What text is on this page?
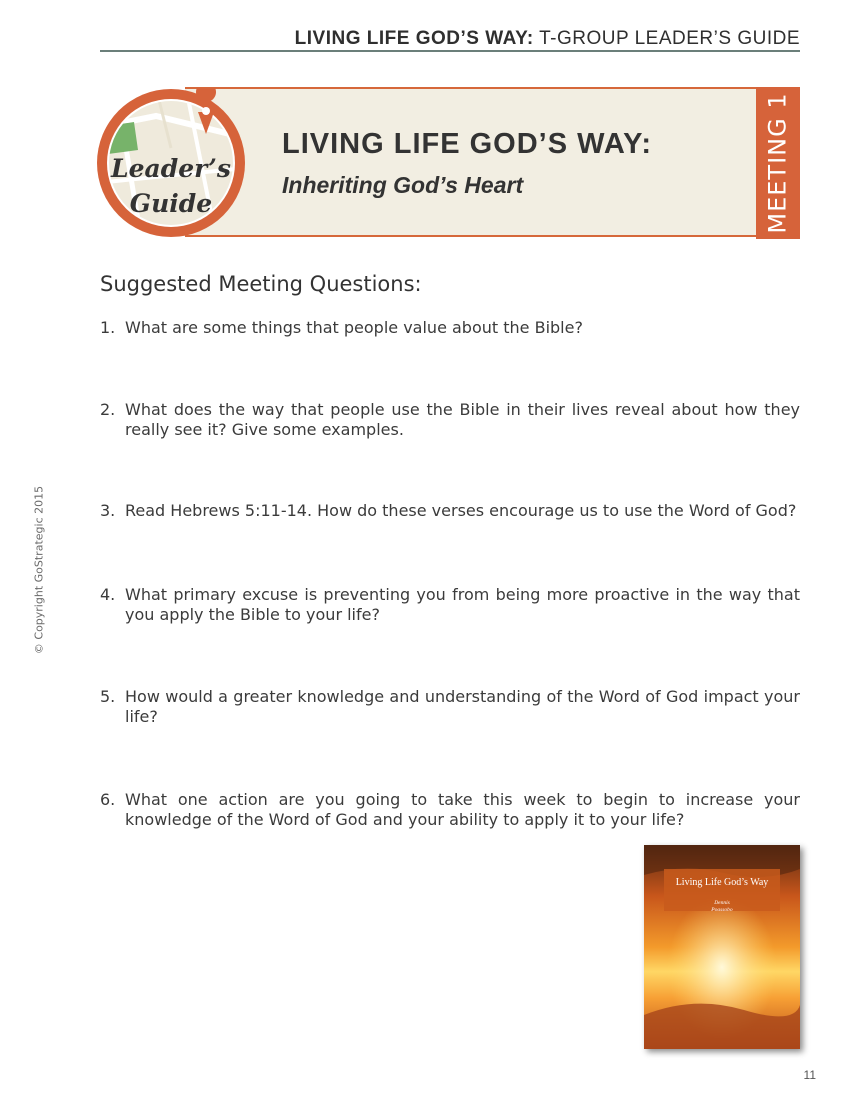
LIVING LIFE GOD’S WAY: T-GROUP LEADER’S GUIDE
MEETING 1
LIVING LIFE GOD’S WAY:
Inheriting God’s Heart
Leader’s
Guide
Suggested Meeting Questions:
1. What are some things that people value about the Bible?
2. What does the way that people use the Bible in their lives reveal about how they really see it? Give some examples.
3. Read Hebrews 5:11-14. How do these verses encourage us to use the Word of God?
4. What primary excuse is preventing you from being more proactive in the way that you apply the Bible to your life?
5. How would a greater knowledge and understanding of the Word of God impact your life?
6. What one action are you going to take this week to begin to increase your knowledge of the Word of God and your ability to apply it to your life?
© Copyright GoStrategic 2015
Living Life God’s Way
Dennis
Poassobo
11
